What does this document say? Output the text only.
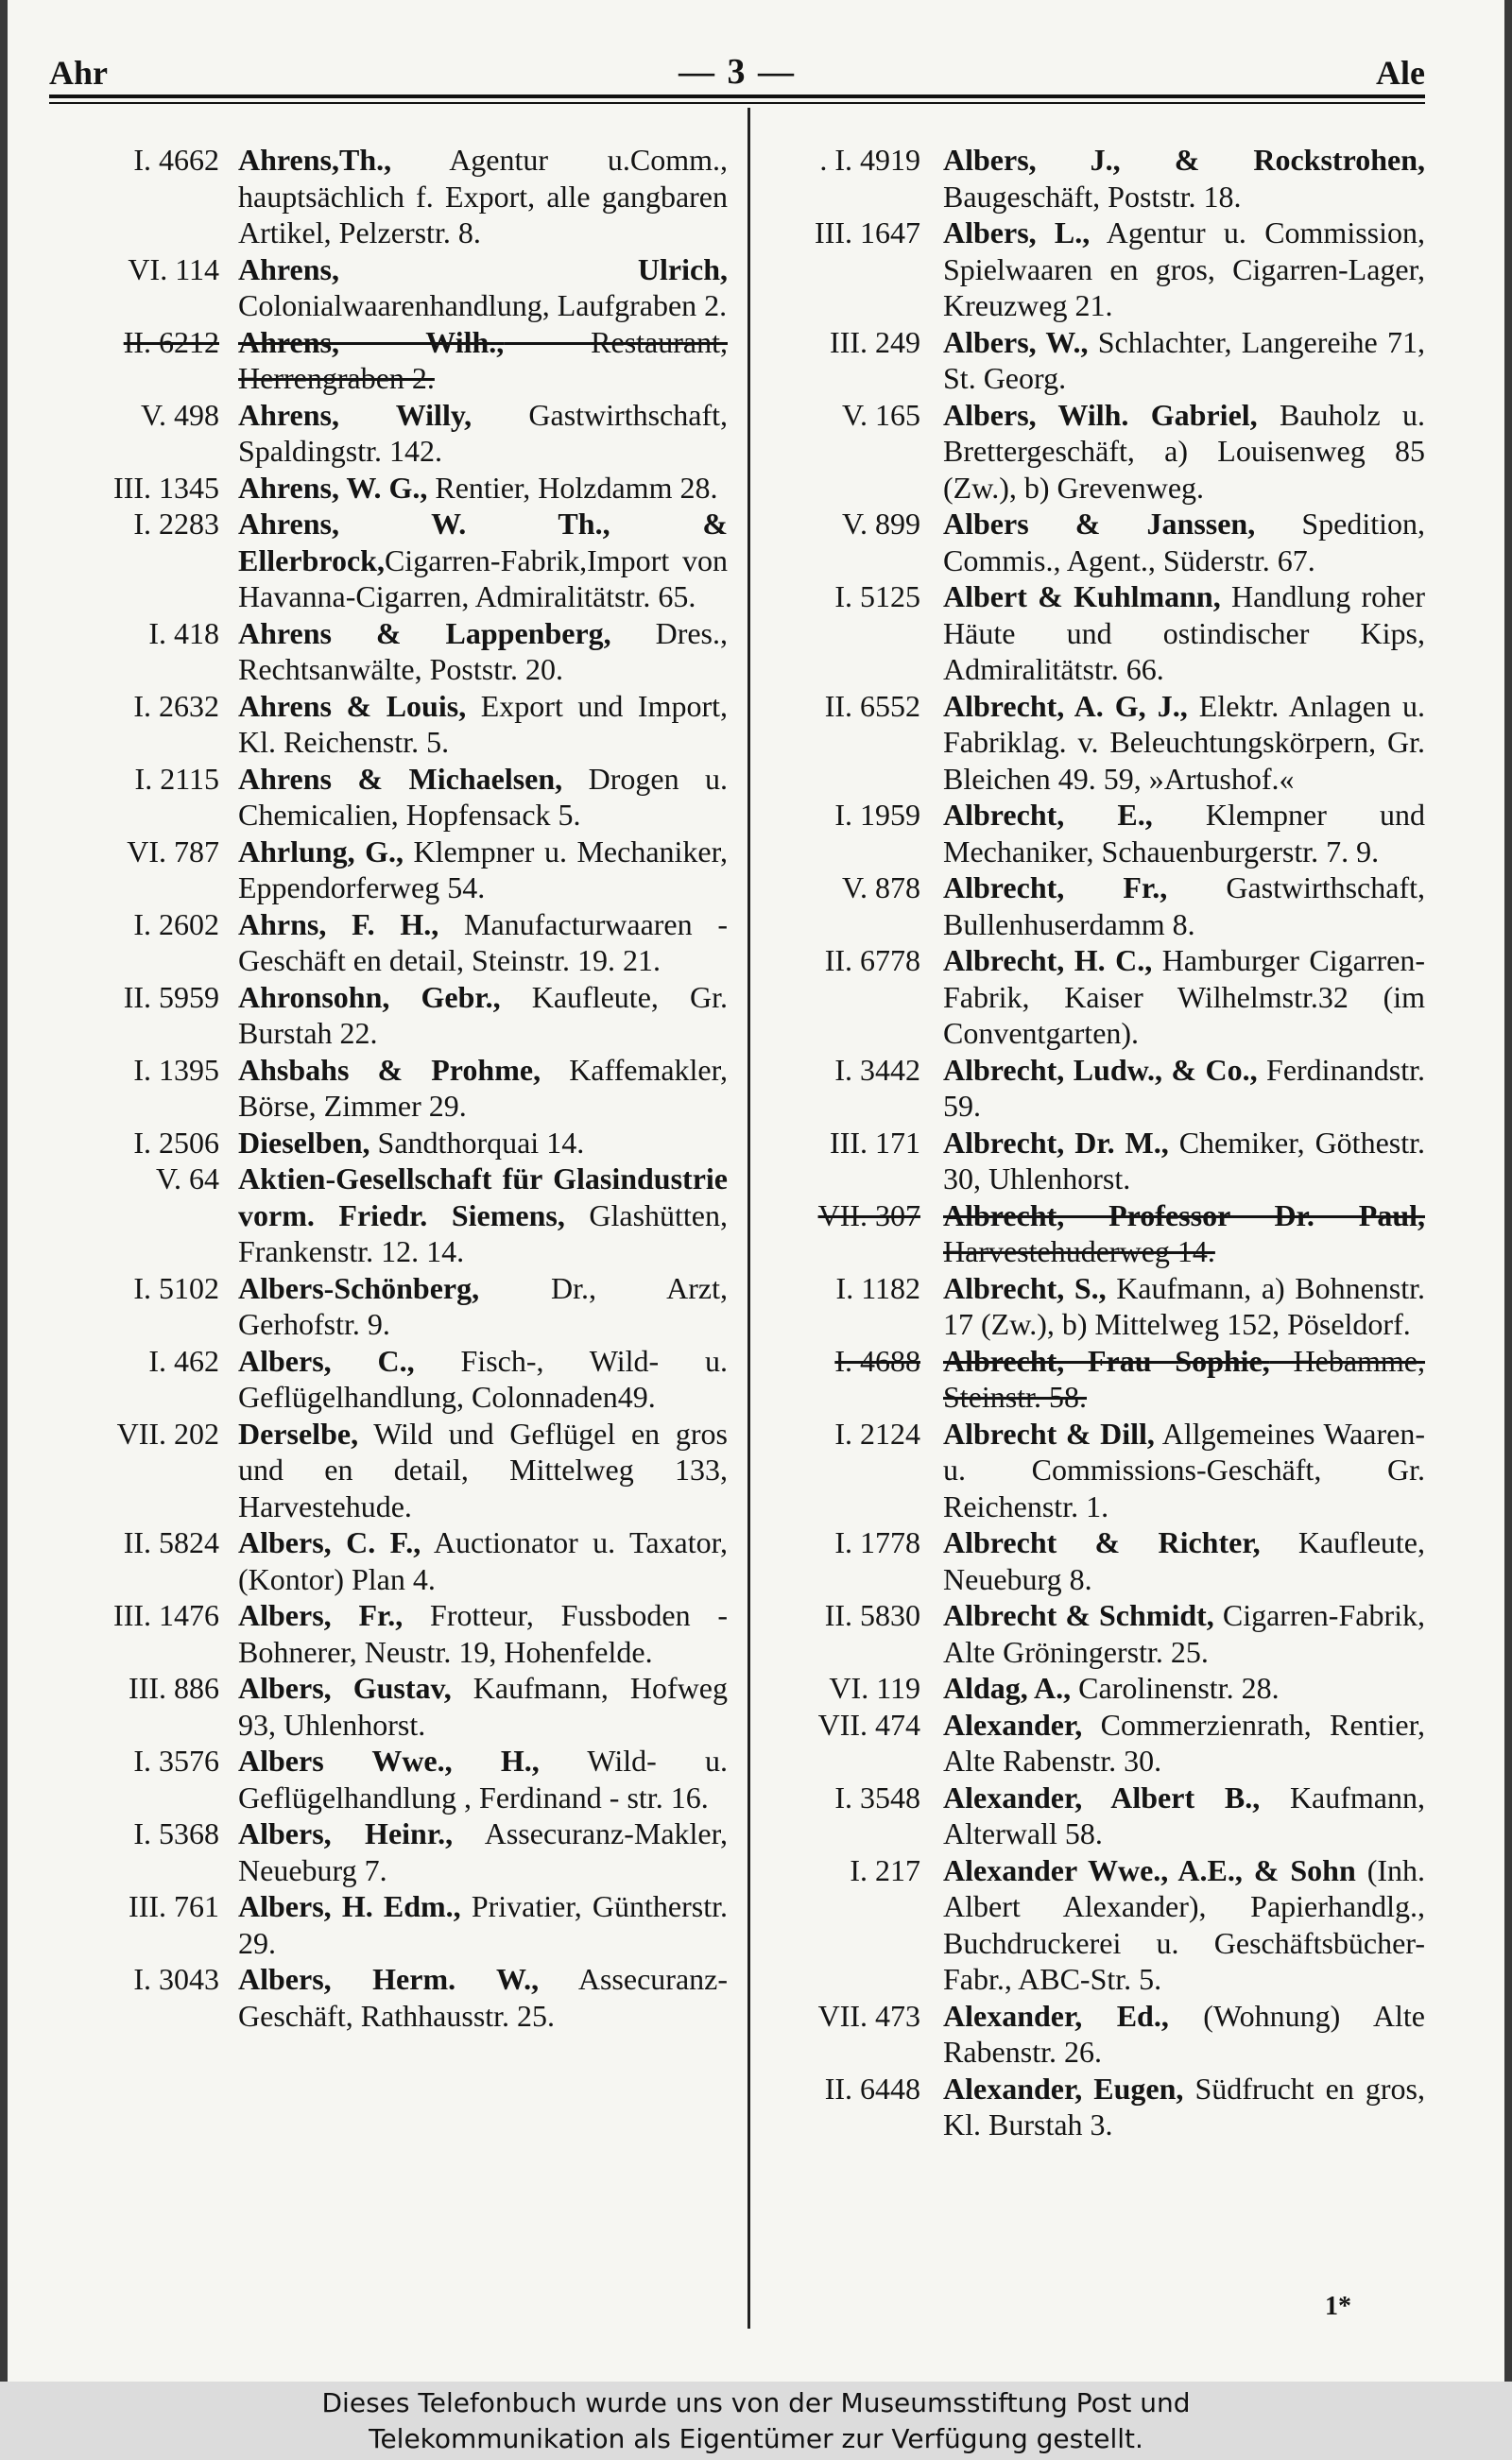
Ahr	— 3 —	Ale
I. 4662 Ahrens,Th., Agentur u.Comm., hauptsächlich f. Export, alle gangbaren Artikel, Pelzerstr. 8.
VI. 114 Ahrens, Ulrich, Colonialwaarenhandlung, Laufgraben 2.
II. 6212 Ahrens, Wilh., Restaurant, Herrengraben 2.
V. 498 Ahrens, Willy, Gastwirthschaft, Spaldingstr. 142.
III. 1345 Ahrens, W. G., Rentier, Holzdamm 28.
I. 2283 Ahrens, W. Th., & Ellerbrock,Cigarren-Fabrik,Import von Havanna-Cigarren, Admiralitätstr. 65.
I. 418 Ahrens & Lappenberg, Dres., Rechtsanwälte, Poststr. 20.
I. 2632 Ahrens & Louis, Export und Import, Kl. Reichenstr. 5.
I. 2115 Ahrens & Michaelsen, Drogen u. Chemicalien, Hopfensack 5.
VI. 787 Ahrlung, G., Klempner u. Mechaniker, Eppendorferweg 54.
I. 2602 Ahrns, F. H., Manufacturwaaren - Geschäft en detail, Steinstr. 19. 21.
II. 5959 Ahronsohn, Gebr., Kaufleute, Gr. Burstah 22.
I. 1395 Ahsbahs & Prohme, Kaffemakler, Börse, Zimmer 29.
I. 2506 Dieselben, Sandthorquai 14.
V. 64 Aktien-Gesellschaft für Glasindustrie vorm. Friedr. Siemens, Glashütten, Frankenstr. 12. 14.
I. 5102 Albers-Schönberg, Dr., Arzt, Gerhofstr. 9.
I. 462 Albers, C., Fisch-, Wild- u. Geflügelhandlung, Colonnaden49.
VII. 202 Derselbe, Wild und Geflügel en gros und en detail, Mittelweg 133, Harvestehude.
II. 5824 Albers, C. F., Auctionator u. Taxator, (Kontor) Plan 4.
III. 1476 Albers, Fr., Frotteur, Fussboden - Bohnerer, Neustr. 19, Hohenfelde.
III. 886 Albers, Gustav, Kaufmann, Hofweg 93, Uhlenhorst.
I. 3576 Albers Wwe., H., Wild- u. Geflügelhandlung , Ferdinand - str. 16.
I. 5368 Albers, Heinr., Assecuranz-Makler, Neueburg 7.
III. 761 Albers, H. Edm., Privatier, Güntherstr. 29.
I. 3043 Albers, Herm. W., Assecuranz-Geschäft, Rathhausstr. 25.
. I. 4919 Albers, J., & Rockstrohen, Baugeschäft, Poststr. 18.
III. 1647 Albers, L., Agentur u. Commission, Spielwaaren en gros, Cigarren-Lager, Kreuzweg 21.
III. 249 Albers, W., Schlachter, Langereihe 71, St. Georg.
V. 165 Albers, Wilh. Gabriel, Bauholz u. Brettergeschäft, a) Louisenweg 85 (Zw.), b) Grevenweg.
V. 899 Albers & Janssen, Spedition, Commis., Agent., Süderstr. 67.
I. 5125 Albert & Kuhlmann, Handlung roher Häute und ostindischer Kips, Admiralitätstr. 66.
II. 6552 Albrecht, A. G, J., Elektr. Anlagen u. Fabriklag. v. Beleuchtungskörpern, Gr. Bleichen 49. 59, »Artushof.«
I. 1959 Albrecht, E., Klempner und Mechaniker, Schauenburgerstr. 7. 9.
V. 878 Albrecht, Fr., Gastwirthschaft, Bullenhuserdamm 8.
II. 6778 Albrecht, H. C., Hamburger Cigarren-Fabrik, Kaiser Wilhelmstr.32 (im Conventgarten).
I. 3442 Albrecht, Ludw., & Co., Ferdinandstr. 59.
III. 171 Albrecht, Dr. M., Chemiker, Göthestr. 30, Uhlenhorst.
VII. 307 Albrecht, Professor Dr. Paul, Harvestehuderweg 14.
I. 1182 Albrecht, S., Kaufmann, a) Bohnenstr. 17 (Zw.), b) Mittelweg 152, Pöseldorf.
I. 4688 Albrecht, Frau Sophie, Hebamme, Steinstr. 58.
I. 2124 Albrecht & Dill, Allgemeines Waaren- u. Commissions-Geschäft, Gr. Reichenstr. 1.
I. 1778 Albrecht & Richter, Kaufleute, Neueburg 8.
II. 5830 Albrecht & Schmidt, Cigarren-Fabrik, Alte Gröningerstr. 25.
VI. 119 Aldag, A., Carolinenstr. 28.
VII. 474 Alexander, Commerzienrath, Rentier, Alte Rabenstr. 30.
I. 3548 Alexander, Albert B., Kaufmann, Alterwall 58.
I. 217 Alexander Wwe., A.E., & Sohn (Inh. Albert Alexander), Papierhandlg., Buchdruckerei u. Geschäftsbücher-Fabr., ABC-Str. 5.
VII. 473 Alexander, Ed., (Wohnung) Alte Rabenstr. 26.
II. 6448 Alexander, Eugen, Südfrucht en gros, Kl. Burstah 3.
1*
Dieses Telefonbuch wurde uns von der Museumsstiftung Post und
Telekommunikation als Eigentümer zur Verfügung gestellt.
